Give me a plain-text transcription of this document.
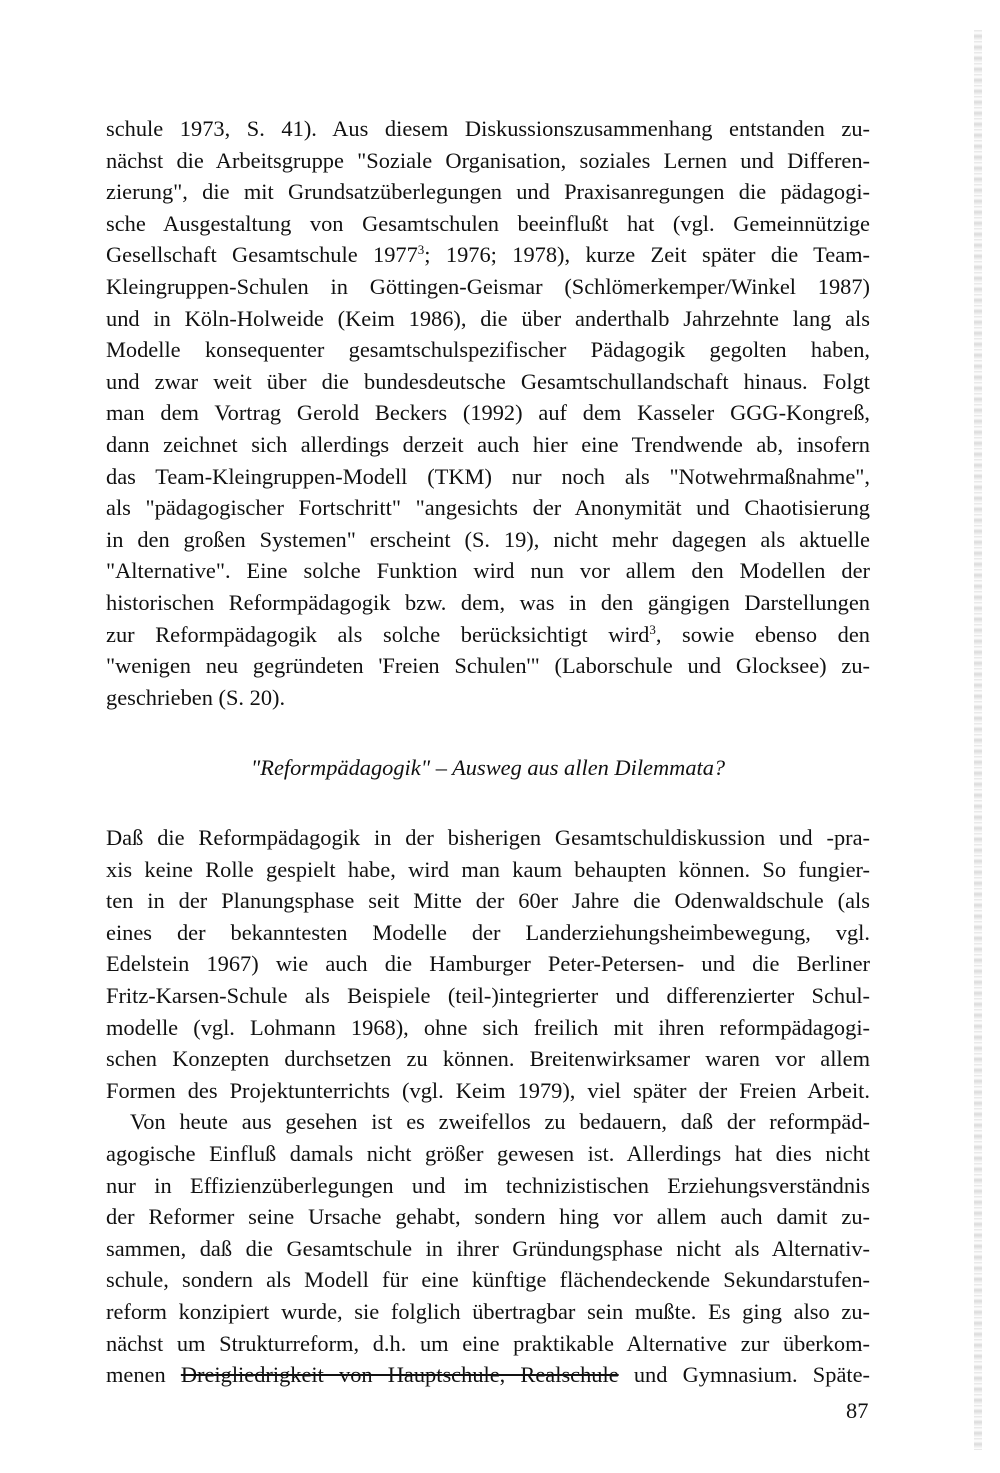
schule 1973, S. 41). Aus diesem Diskussionszusammenhang entstanden zu-
nächst die Arbeitsgruppe "Soziale Organisation, soziales Lernen und Differen-
zierung", die mit Grundsatzüberlegungen und Praxisanregungen die pädagogi-
sche Ausgestaltung von Gesamtschulen beeinflußt hat (vgl. Gemeinnützige
Gesellschaft Gesamtschule 1977$^3$; 1976; 1978), kurze Zeit später die Team-
Kleingruppen-Schulen in Göttingen-Geismar (Schlömerkemper/Winkel 1987)
und in Köln-Holweide (Keim 1986), die über anderthalb Jahrzehnte lang als
Modelle konsequenter gesamtschulspezifischer Pädagogik gegolten haben,
und zwar weit über die bundesdeutsche Gesamtschullandschaft hinaus. Folgt
man dem Vortrag Gerold Beckers (1992) auf dem Kasseler GGG-Kongreß,
dann zeichnet sich allerdings derzeit auch hier eine Trendwende ab, insofern
das Team-Kleingruppen-Modell (TKM) nur noch als "Notwehrmaßnahme",
als "pädagogischer Fortschritt" "angesichts der Anonymität und Chaotisierung
in den großen Systemen" erscheint (S. 19), nicht mehr dagegen als aktuelle
"Alternative". Eine solche Funktion wird nun vor allem den Modellen der
historischen Reformpädagogik bzw. dem, was in den gängigen Darstellungen
zur Reformpädagogik als solche berücksichtigt wird$^3$, sowie ebenso den
"wenigen neu gegründeten 'Freien Schulen'" (Laborschule und Glocksee) zu-
geschrieben (S. 20).
"Reformpädagogik" – Ausweg aus allen Dilemmata?
Daß die Reformpädagogik in der bisherigen Gesamtschuldiskussion und -pra-
xis keine Rolle gespielt habe, wird man kaum behaupten können. So fungier-
ten in der Planungsphase seit Mitte der 60er Jahre die Odenwaldschule (als
eines der bekanntesten Modelle der Landerziehungsheimbewegung, vgl.
Edelstein 1967) wie auch die Hamburger Peter-Petersen- und die Berliner
Fritz-Karsen-Schule als Beispiele (teil-)integrierter und differenzierter Schul-
modelle (vgl. Lohmann 1968), ohne sich freilich mit ihren reformpädagogi-
schen Konzepten durchsetzen zu können. Breitenwirksamer waren vor allem
Formen des Projektunterrichts (vgl. Keim 1979), viel später der Freien Arbeit.
Von heute aus gesehen ist es zweifellos zu bedauern, daß der reformpäd-
agogische Einfluß damals nicht größer gewesen ist. Allerdings hat dies nicht
nur in Effizienzüberlegungen und im technizistischen Erziehungsverständnis
der Reformer seine Ursache gehabt, sondern hing vor allem auch damit zu-
sammen, daß die Gesamtschule in ihrer Gründungsphase nicht als Alternativ-
schule, sondern als Modell für eine künftige flächendeckende Sekundarstufen-
reform konzipiert wurde, sie folglich übertragbar sein mußte. Es ging also zu-
nächst um Strukturreform, d.h. um eine praktikable Alternative zur überkom-
menen Dreigliedrigkeit von Hauptschule, Realschule und Gymnasium. Späte-
87
